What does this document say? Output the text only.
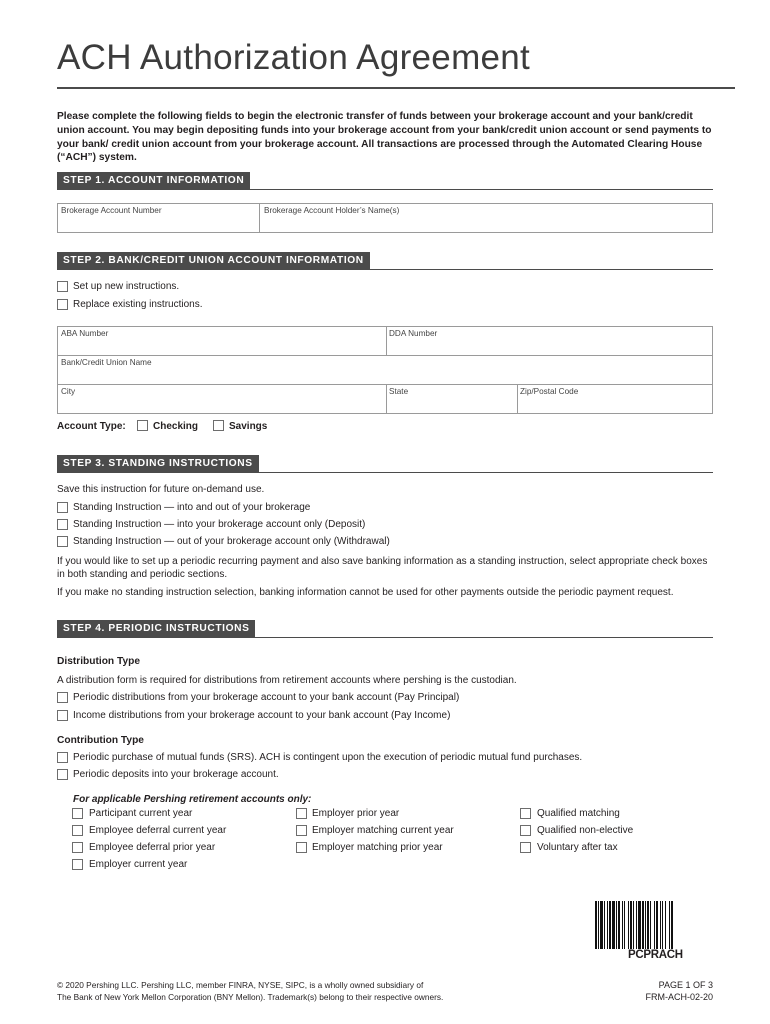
ACH Authorization Agreement
Please complete the following fields to begin the electronic transfer of funds between your brokerage account and your bank/credit union account. You may begin depositing funds into your brokerage account from your bank/credit union account or send payments to your bank/ credit union account from your brokerage account. All transactions are processed through the Automated Clearing House (“ACH”) system.
STEP 1. ACCOUNT INFORMATION
Brokerage Account Number	Brokerage Account Holder’s Name(s)
STEP 2. BANK/CREDIT UNION ACCOUNT INFORMATION
Set up new instructions.
Replace existing instructions.
ABA Number	DDA Number
Bank/Credit Union Name
City	State	Zip/Postal Code
Account Type:	Checking	Savings
STEP 3. STANDING INSTRUCTIONS
Save this instruction for future on-demand use.
Standing Instruction — into and out of your brokerage
Standing Instruction — into your brokerage account only (Deposit)
Standing Instruction — out of your brokerage account only (Withdrawal)
If you would like to set up a periodic recurring payment and also save banking information as a standing instruction, select appropriate check boxes in both standing and periodic sections.
If you make no standing instruction selection, banking information cannot be used for other payments outside the periodic payment request.
STEP 4. PERIODIC INSTRUCTIONS
Distribution Type
A distribution form is required for distributions from retirement accounts where pershing is the custodian.
Periodic distributions from your brokerage account to your bank account (Pay Principal)
Income distributions from your brokerage account to your bank account (Pay Income)
Contribution Type
Periodic purchase of mutual funds (SRS). ACH is contingent upon the execution of periodic mutual fund purchases.
Periodic deposits into your brokerage account.
For applicable Pershing retirement accounts only:
Participant current year
Employee deferral current year
Employee deferral prior year
Employer current year
Employer prior year
Employer matching current year
Employer matching prior year
Qualified matching
Qualified non-elective
Voluntary after tax
PCPRACH
© 2020 Pershing LLC. Pershing LLC, member FINRA, NYSE, SIPC, is a wholly owned subsidiary of
The Bank of New York Mellon Corporation (BNY Mellon). Trademark(s) belong to their respective owners.
PAGE 1 OF 3
FRM-ACH-02-20
